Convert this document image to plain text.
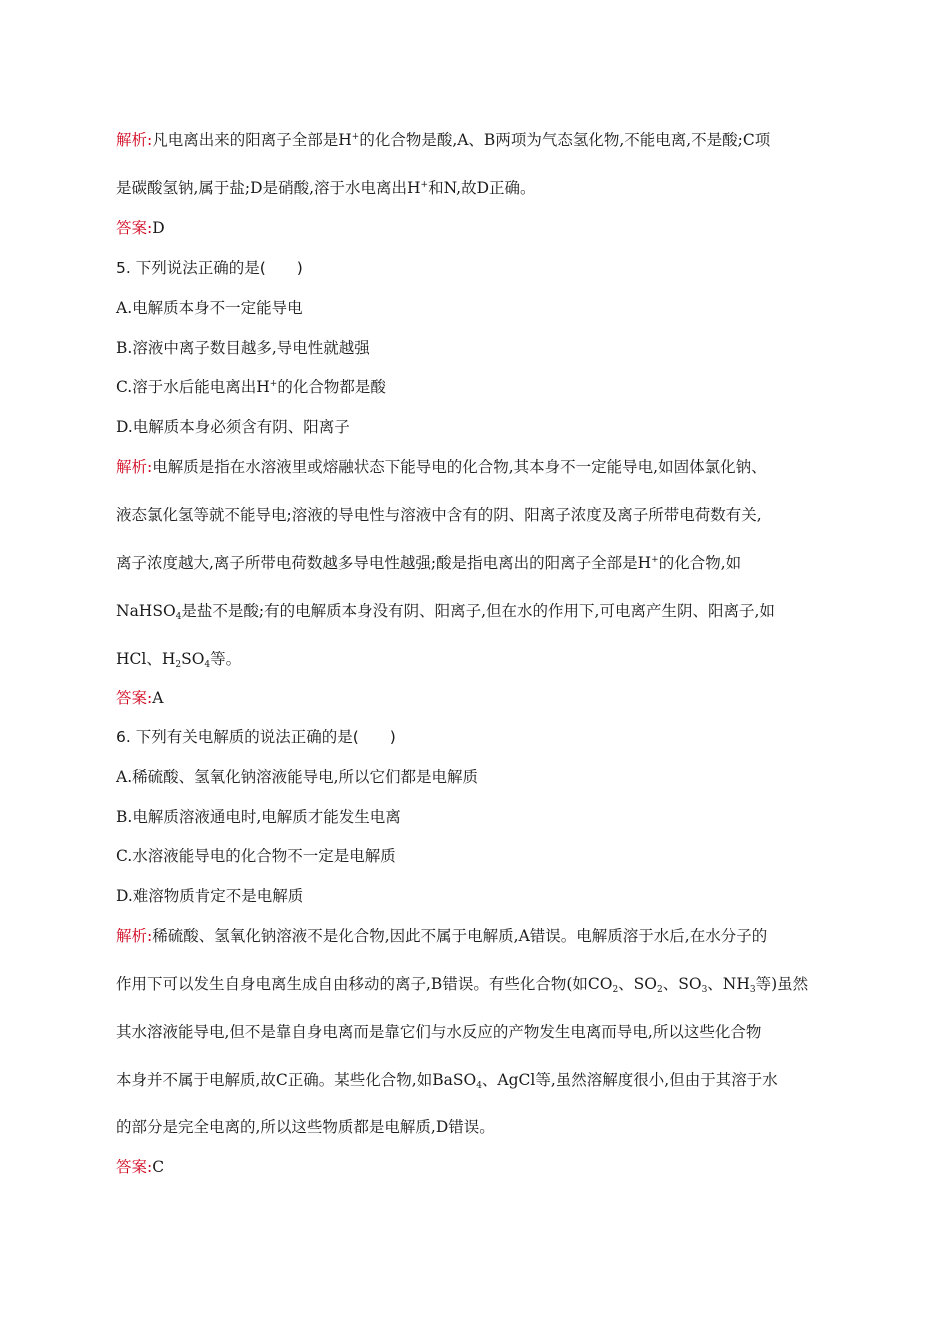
解析:凡电离出来的阳离子全部是H+的化合物是酸,A、B两项为气态氢化物,不能电离,不是酸;C项
是碳酸氢钠,属于盐;D是硝酸,溶于水电离出H+和N,故D正确。
答案:D
5. 下列说法正确的是(　　)
A.电解质本身不一定能导电
B.溶液中离子数目越多,导电性就越强
C.溶于水后能电离出H+的化合物都是酸
D.电解质本身必须含有阴、阳离子
解析:电解质是指在水溶液里或熔融状态下能导电的化合物,其本身不一定能导电,如固体氯化钠、
液态氯化氢等就不能导电;溶液的导电性与溶液中含有的阴、阳离子浓度及离子所带电荷数有关,
离子浓度越大,离子所带电荷数越多导电性越强;酸是指电离出的阳离子全部是H+的化合物,如
NaHSO$_4$是盐不是酸;有的电解质本身没有阴、阳离子,但在水的作用下,可电离产生阴、阳离子,如
HCl、$H_2SO_4$等。
答案:A
6. 下列有关电解质的说法正确的是(　　)
A.稀硫酸、氢氧化钠溶液能导电,所以它们都是电解质
B.电解质溶液通电时,电解质才能发生电离
C.水溶液能导电的化合物不一定是电解质
D.难溶物质肯定不是电解质
解析:稀硫酸、氢氧化钠溶液不是化合物,因此不属于电解质,A错误。电解质溶于水后,在水分子的
作用下可以发生自身电离生成自由移动的离子,B错误。有些化合物(如$CO_2$、$SO_2$、$SO_3$、$NH_3$等)虽然
其水溶液能导电,但不是靠自身电离而是靠它们与水反应的产物发生电离而导电,所以这些化合物
本身并不属于电解质,故C正确。某些化合物,如BaSO$_4$、AgCl等,虽然溶解度很小,但由于其溶于水
的部分是完全电离的,所以这些物质都是电解质,D错误。
答案:C
